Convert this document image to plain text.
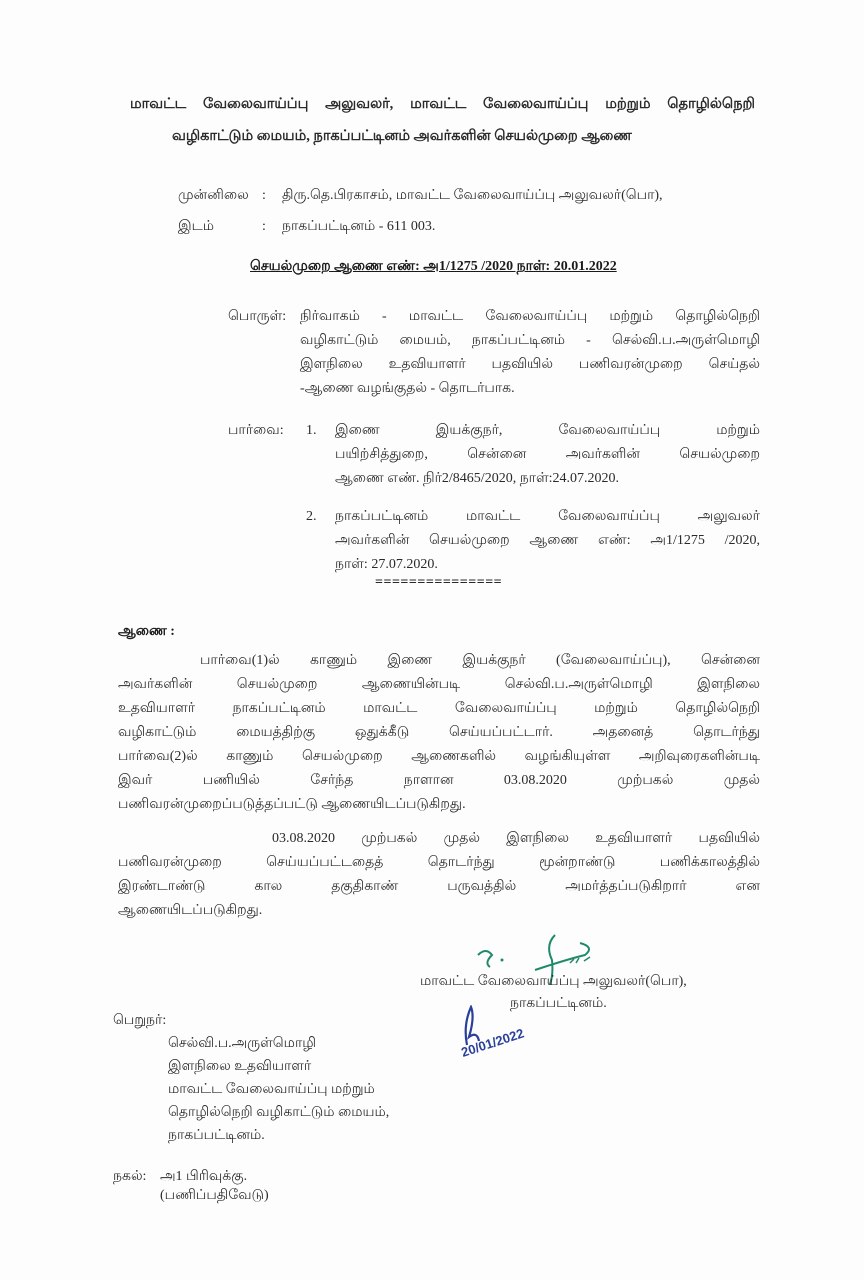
மாவட்ட வேலைவாய்ப்பு அலுவலர், மாவட்ட வேலைவாய்ப்பு மற்றும் தொழில்நெறி
வழிகாட்டும் மையம், நாகப்பட்டினம் அவர்களின் செயல்முறை ஆணை
முன்னிலை : திரு.தெ.பிரகாசம், மாவட்ட வேலைவாய்ப்பு அலுவலர்(பொ),
இடம்	: நாகப்பட்டினம் - 611 003.
செயல்முறை ஆணை எண்: அ1/1275 /2020 நாள்: 20.01.2022
பொருள்: நிர்வாகம் - மாவட்ட வேலைவாய்ப்பு மற்றும் தொழில்நெறி
வழிகாட்டும் மையம், நாகப்பட்டினம் - செல்வி.ப.அருள்மொழி
இளநிலை உதவியாளர் பதவியில் பணிவரன்முறை செய்தல்
-ஆணை வழங்குதல் - தொடர்பாக.
பார்வை: 1. இணை இயக்குநர், வேலைவாய்ப்பு மற்றும்
பயிற்சித்துறை, சென்னை அவர்களின் செயல்முறை
ஆணை எண். நிர்2/8465/2020, நாள்:24.07.2020.
2. நாகப்பட்டினம் மாவட்ட வேலைவாய்ப்பு அலுவலர்
அவர்களின் செயல்முறை ஆணை எண்: அ1/1275 /2020,
நாள்: 27.07.2020.
===============
ஆணை :
பார்வை(1)ல் காணும் இணை இயக்குநர் (வேலைவாய்ப்பு), சென்னை
அவர்களின் செயல்முறை ஆணையின்படி செல்வி.ப.அருள்மொழி இளநிலை
உதவியாளர் நாகப்பட்டினம் மாவட்ட வேலைவாய்ப்பு மற்றும் தொழில்நெறி
வழிகாட்டும் மையத்திற்கு ஒதுக்கீடு செய்யப்பட்டார். அதனைத் தொடர்ந்து
பார்வை(2)ல் காணும் செயல்முறை ஆணைகளில் வழங்கியுள்ள அறிவுரைகளின்படி
இவர் பணியில் சேர்ந்த நாளான 03.08.2020 முற்பகல் முதல்
பணிவரன்முறைப்படுத்தப்பட்டு ஆணையிடப்படுகிறது.
03.08.2020 முற்பகல் முதல் இளநிலை உதவியாளர் பதவியில்
பணிவரன்முறை செய்யப்பட்டதைத் தொடர்ந்து மூன்றாண்டு பணிக்காலத்தில்
இரண்டாண்டு கால தகுதிகாண் பருவத்தில் அமர்த்தப்படுகிறார் என
ஆணையிடப்படுகிறது.
மாவட்ட வேலைவாய்ப்பு அலுவலர்(பொ),
நாகப்பட்டினம்.
20/01/2022
பெறுநர்:
செல்வி.ப.அருள்மொழி
இளநிலை உதவியாளர்
மாவட்ட வேலைவாய்ப்பு மற்றும்
தொழில்நெறி வழிகாட்டும் மையம்,
நாகப்பட்டினம்.
நகல்: அ1 பிரிவுக்கு.
(பணிப்பதிவேடு)
